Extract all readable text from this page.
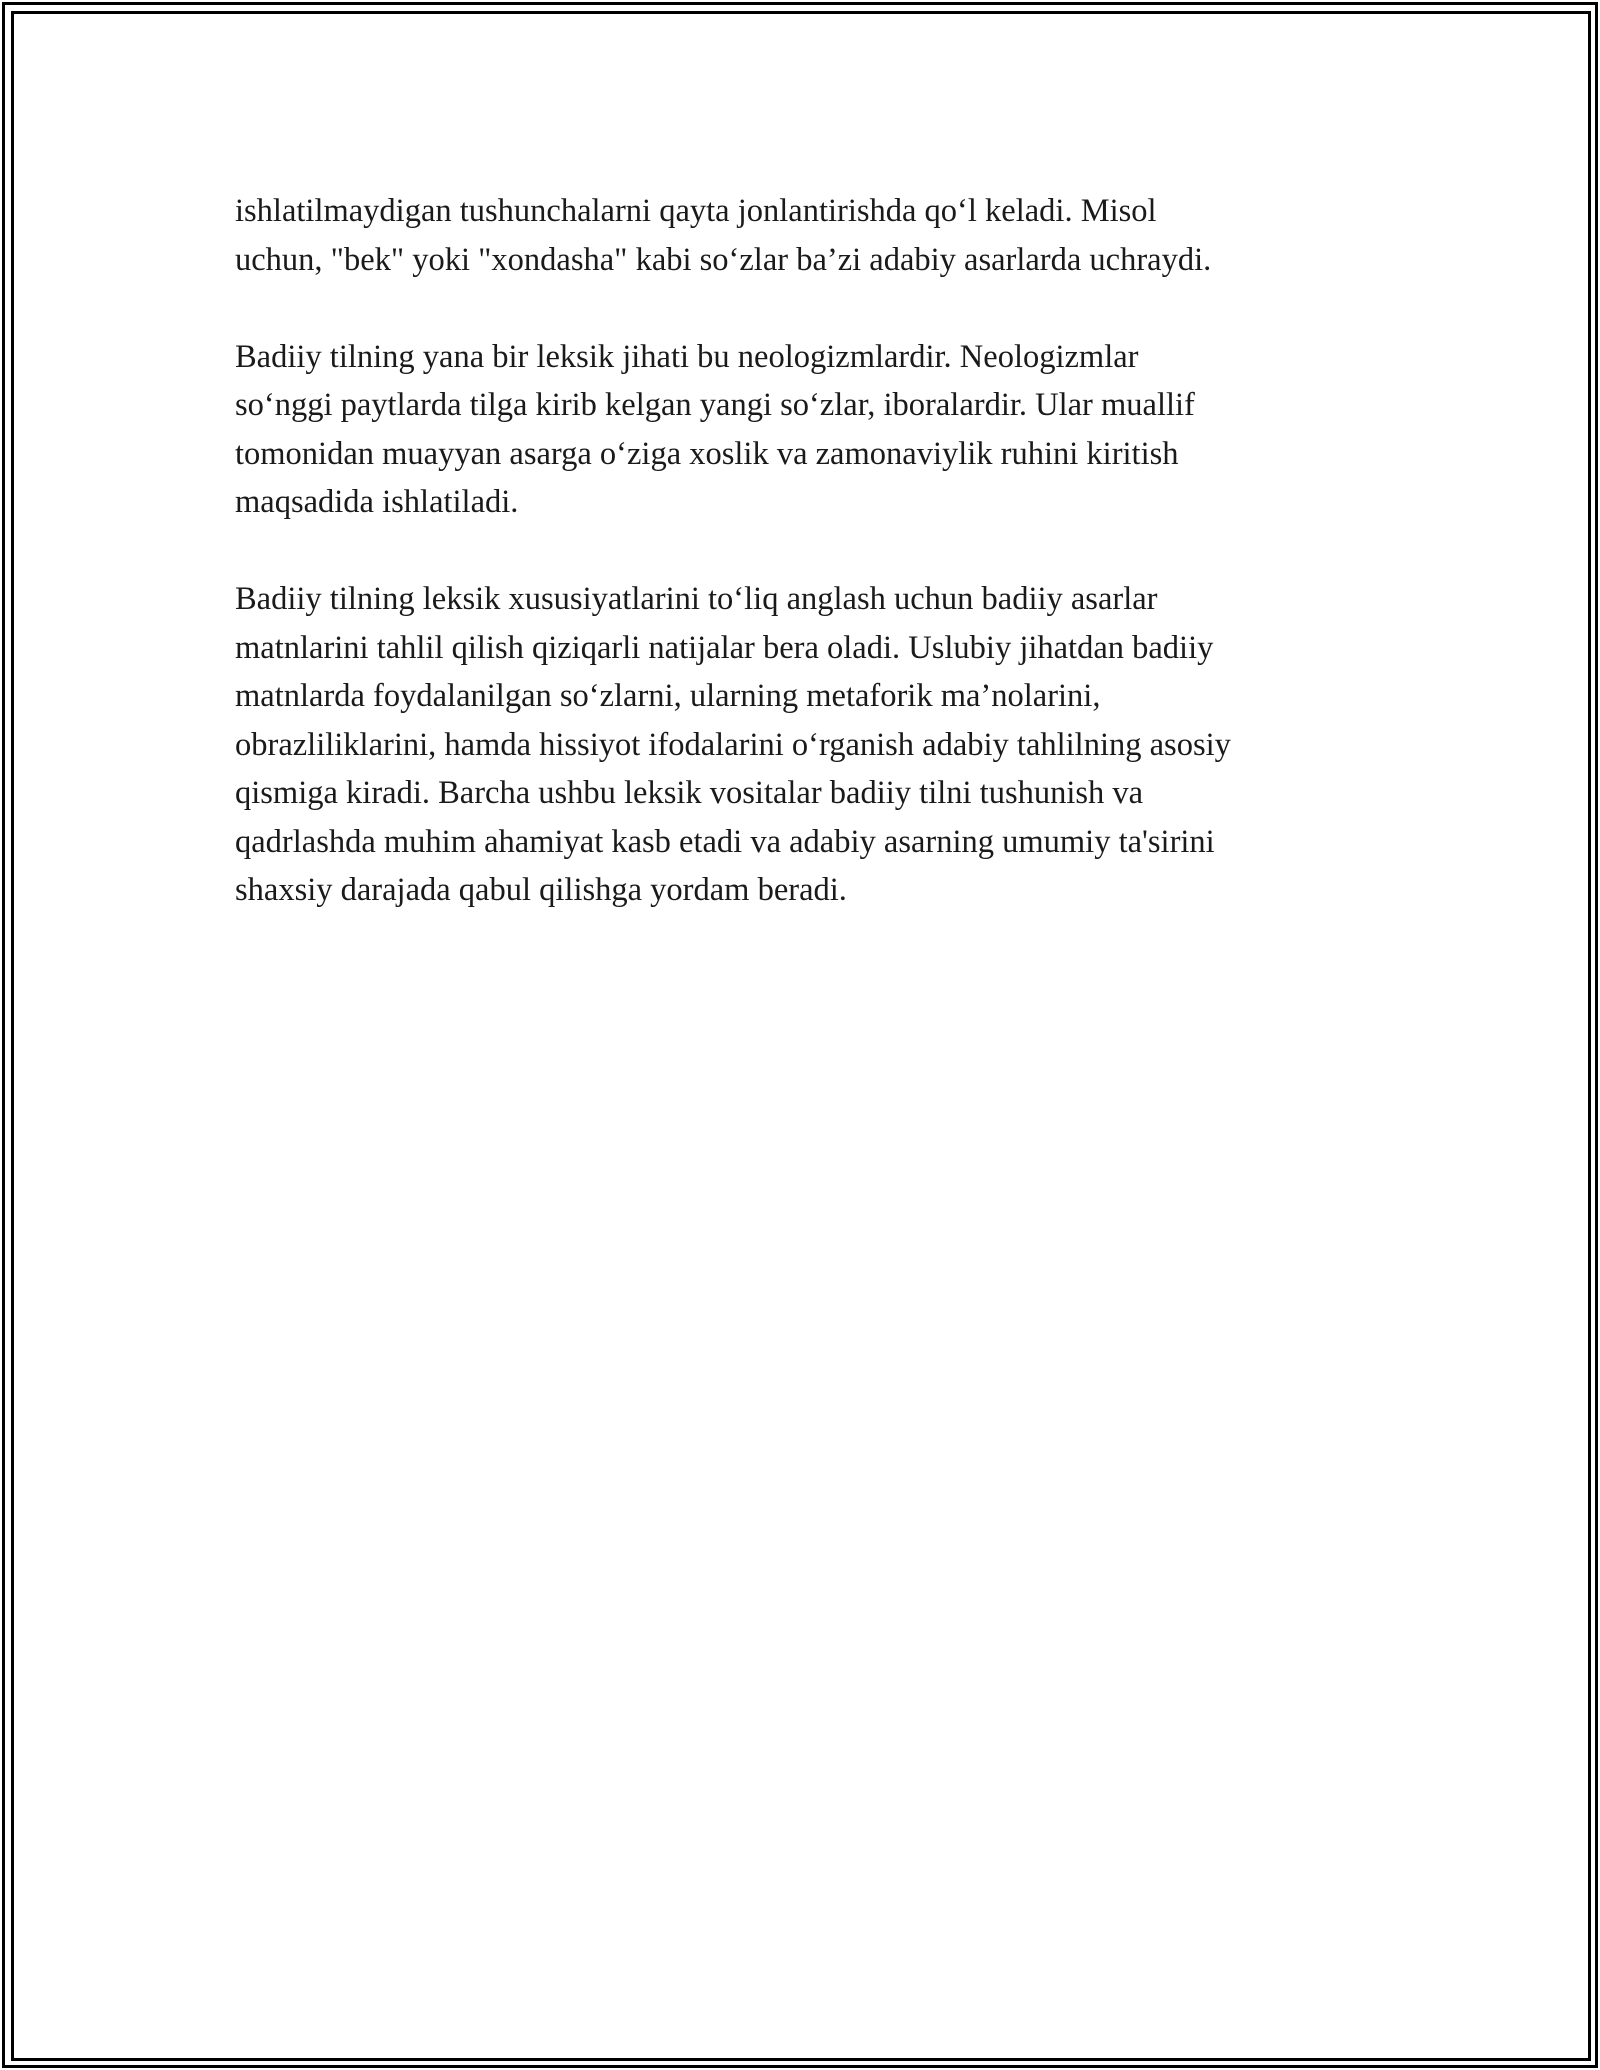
ishlatilmaydigan tushunchalarni qayta jonlantirishda qo‘l keladi. Misol
uchun, "bek" yoki "xondasha" kabi so‘zlar ba’zi adabiy asarlarda uchraydi.

Badiiy tilning yana bir leksik jihati bu neologizmlardir. Neologizmlar
so‘nggi paytlarda tilga kirib kelgan yangi so‘zlar, iboralardir. Ular muallif
tomonidan muayyan asarga o‘ziga xoslik va zamonaviylik ruhini kiritish
maqsadida ishlatiladi.

Badiiy tilning leksik xususiyatlarini to‘liq anglash uchun badiiy asarlar
matnlarini tahlil qilish qiziqarli natijalar bera oladi. Uslubiy jihatdan badiiy
matnlarda foydalanilgan so‘zlarni, ularning metaforik ma’nolarini,
obrazliliklarini, hamda hissiyot ifodalarini o‘rganish adabiy tahlilning asosiy
qismiga kiradi. Barcha ushbu leksik vositalar badiiy tilni tushunish va
qadrlashda muhim ahamiyat kasb etadi va adabiy asarning umumiy ta'sirini
shaxsiy darajada qabul qilishga yordam beradi.
